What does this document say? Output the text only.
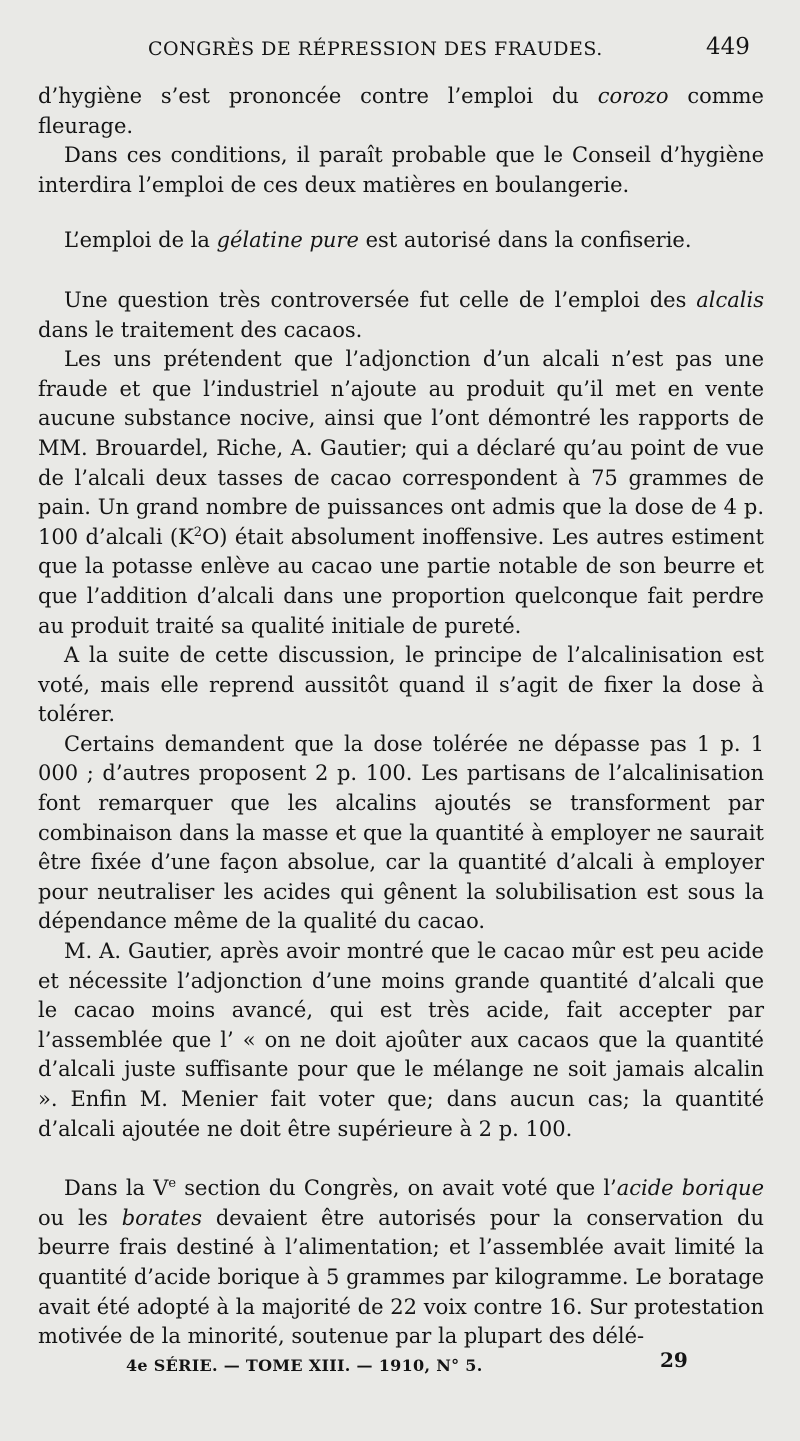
CONGRÈS DE RÉPRESSION DES FRAUDES.	449

d’hygiène s’est prononcée contre l’emploi du corozo comme fleurage.

Dans ces conditions, il paraît probable que le Conseil d’hygiène interdira l’emploi de ces deux matières en boulangerie.

L’emploi de la gélatine pure est autorisé dans la confiserie.

Une question très controversée fut celle de l’emploi des alcalis dans le traitement des cacaos.

Les uns prétendent que l’adjonction d’un alcali n’est pas une fraude et que l’industriel n’ajoute au produit qu’il met en vente aucune substance nocive, ainsi que l’ont démontré les rapports de MM. Brouardel, Riche, A. Gautier; qui a déclaré qu’au point de vue de l’alcali deux tasses de cacao correspondent à 75 grammes de pain. Un grand nombre de puissances ont admis que la dose de 4 p. 100 d’alcali $(K^2O)$ était absolument inoffensive. Les autres estiment que la potasse enlève au cacao une partie notable de son beurre et que l’addition d’alcali dans une proportion quelconque fait perdre au produit traité sa qualité initiale de pureté.

A la suite de cette discussion, le principe de l’alcalinisation est voté, mais elle reprend aussitôt quand il s’agit de fixer la dose à tolérer.

Certains demandent que la dose tolérée ne dépasse pas 1 p. 1 000 ; d’autres proposent 2 p. 100. Les partisans de l’alcalinisation font remarquer que les alcalins ajoutés se transforment par combinaison dans la masse et que la quantité à employer ne saurait être fixée d’une façon absolue, car la quantité d’alcali à employer pour neutraliser les acides qui gênent la solubilisation est sous la dépendance même de la qualité du cacao.

M. A. Gautier, après avoir montré que le cacao mûr est peu acide et nécessite l’adjonction d’une moins grande quantité d’alcali que le cacao moins avancé, qui est très acide, fait accepter par l’assemblée que l’ « on ne doit ajoûter aux cacaos que la quantité d’alcali juste suffisante pour que le mélange ne soit jamais alcalin ». Enfin M. Menier fait voter que; dans aucun cas; la quantité d’alcali ajoutée ne doit être supérieure à 2 p. 100.

Dans la Ve section du Congrès, on avait voté que l’acide borique ou les borates devaient être autorisés pour la conservation du beurre frais destiné à l’alimentation; et l’assemblée avait limité la quantité d’acide borique à 5 grammes par kilogramme. Le boratage avait été adopté à la majorité de 22 voix contre 16. Sur protestation motivée de la minorité, soutenue par la plupart des délé-

4e SÉRIE. — TOME XIII. — 1910, N° 5.	29
